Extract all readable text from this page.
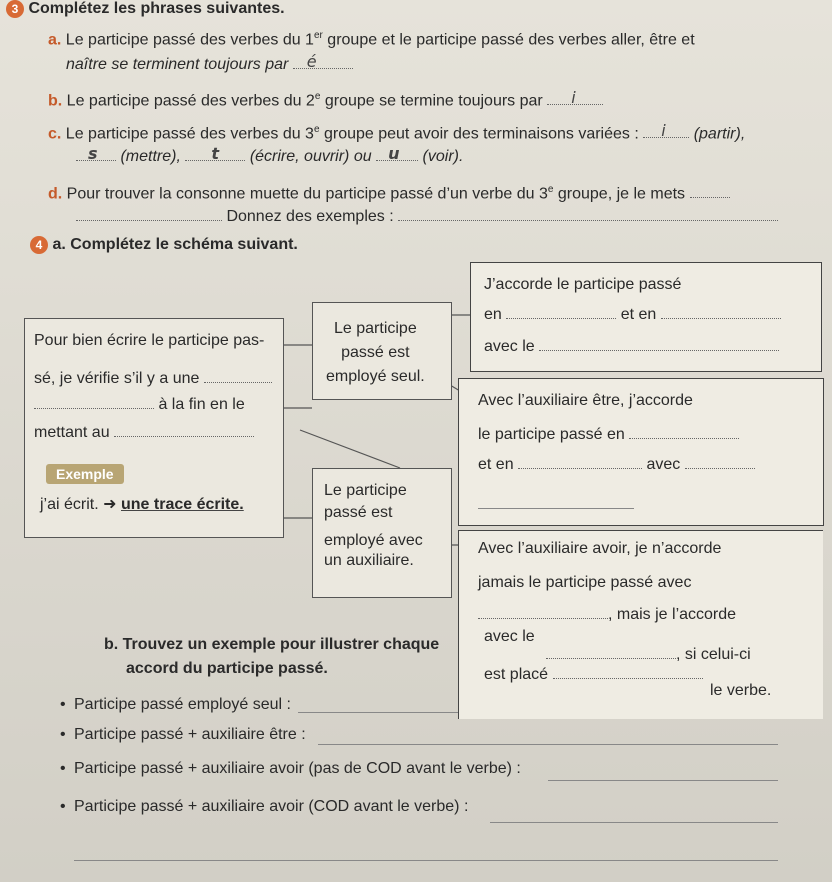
3 Complétez les phrases suivantes.
a. Le participe passé des verbes du 1er groupe et le participe passé des verbes aller, être et
naître se terminent toujours par é
b. Le participe passé des verbes du 2e groupe se termine toujours par i
c. Le participe passé des verbes du 3e groupe peut avoir des terminaisons variées : i (partir),
s (mettre), t (écrire, ouvrir) ou u (voir).
d. Pour trouver la consonne muette du participe passé d’un verbe du 3e groupe, je le mets
Donnez des exemples :
4 a. Complétez le schéma suivant.
Pour bien écrire le participe pas-
sé, je vérifie s’il y a une
à la fin en le
mettant au
Exemple
j’ai écrit. ➜ une trace écrite.
Le participe
passé est
employé seul.
Le participe
passé est
employé avec
un auxiliaire.
J’accorde le participe passé
en	et en
avec le
Avec l’auxiliaire être, j’accorde
le participe passé en
et en	avec
Avec l’auxiliaire avoir, je n’accorde
jamais le participe passé avec
, mais je l’accorde
avec le
, si celui-ci
est placé
le verbe.
b. Trouvez un exemple pour illustrer chaque
accord du participe passé.
• Participe passé employé seul :
• Participe passé + auxiliaire être :
• Participe passé + auxiliaire avoir (pas de COD avant le verbe) :
• Participe passé + auxiliaire avoir (COD avant le verbe) :
